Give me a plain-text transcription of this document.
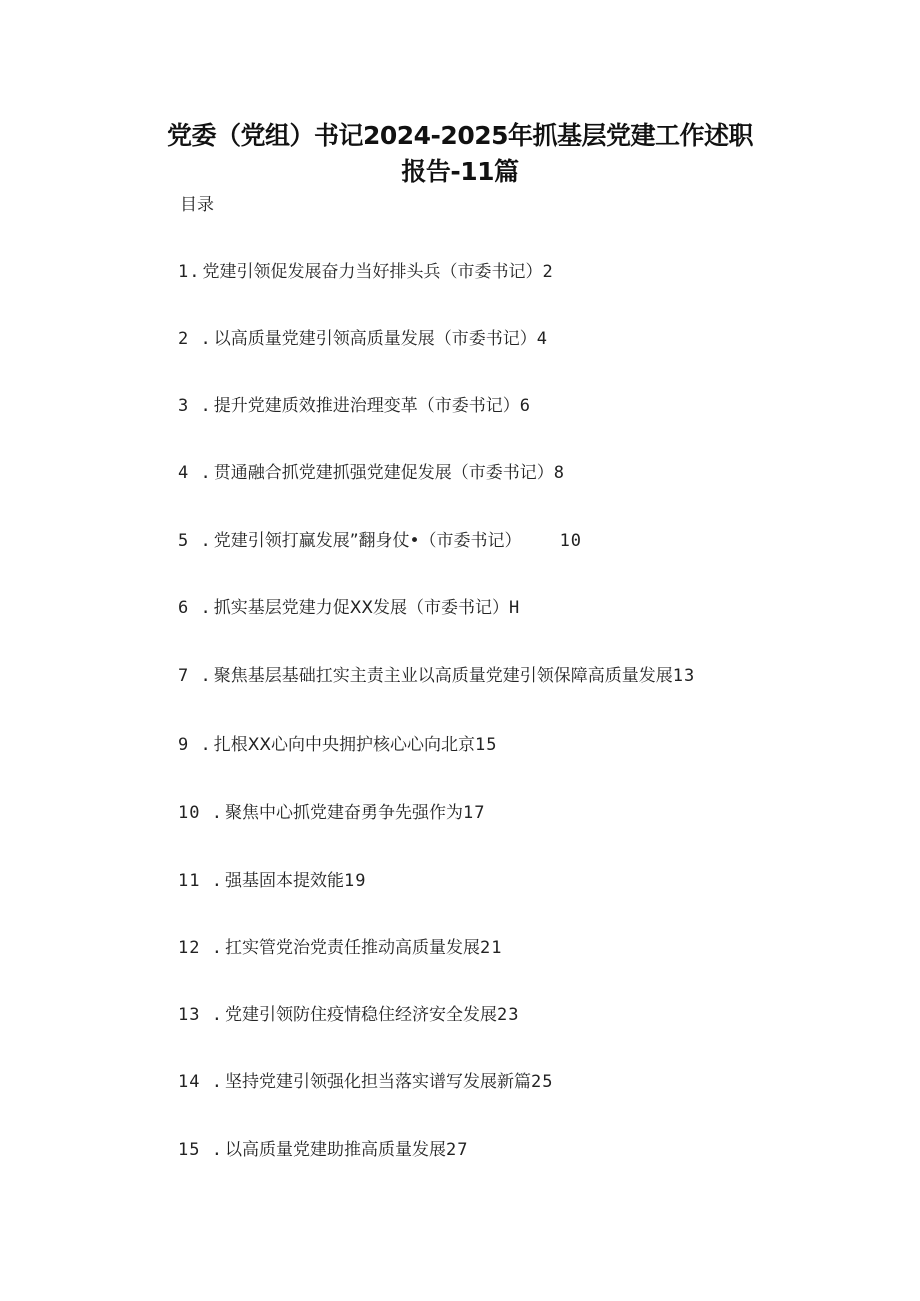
党委（党组）书记2024-2025年抓基层党建工作述职
报告-11篇
目录
1. 党建引领促发展奋力当好排头兵（市委书记）2
2 . 以高质量党建引领高质量发展（市委书记）4
3 . 提升党建质效推进治理变革（市委书记）6
4 . 贯通融合抓党建抓强党建促发展（市委书记）8
5 . 党建引领打赢发展”翻身仗•（市委书记） 10
6 . 抓实基层党建力促XX发展（市委书记）H
7 . 聚焦基层基础扛实主责主业以高质量党建引领保障高质量发展13
9 . 扎根XX心向中央拥护核心心向北京15
10 . 聚焦中心抓党建奋勇争先强作为17
11 . 强基固本提效能19
12 . 扛实管党治党责任推动高质量发展21
13 . 党建引领防住疫情稳住经济安全发展23
14 . 坚持党建引领强化担当落实谱写发展新篇25
15 . 以高质量党建助推高质量发展27
